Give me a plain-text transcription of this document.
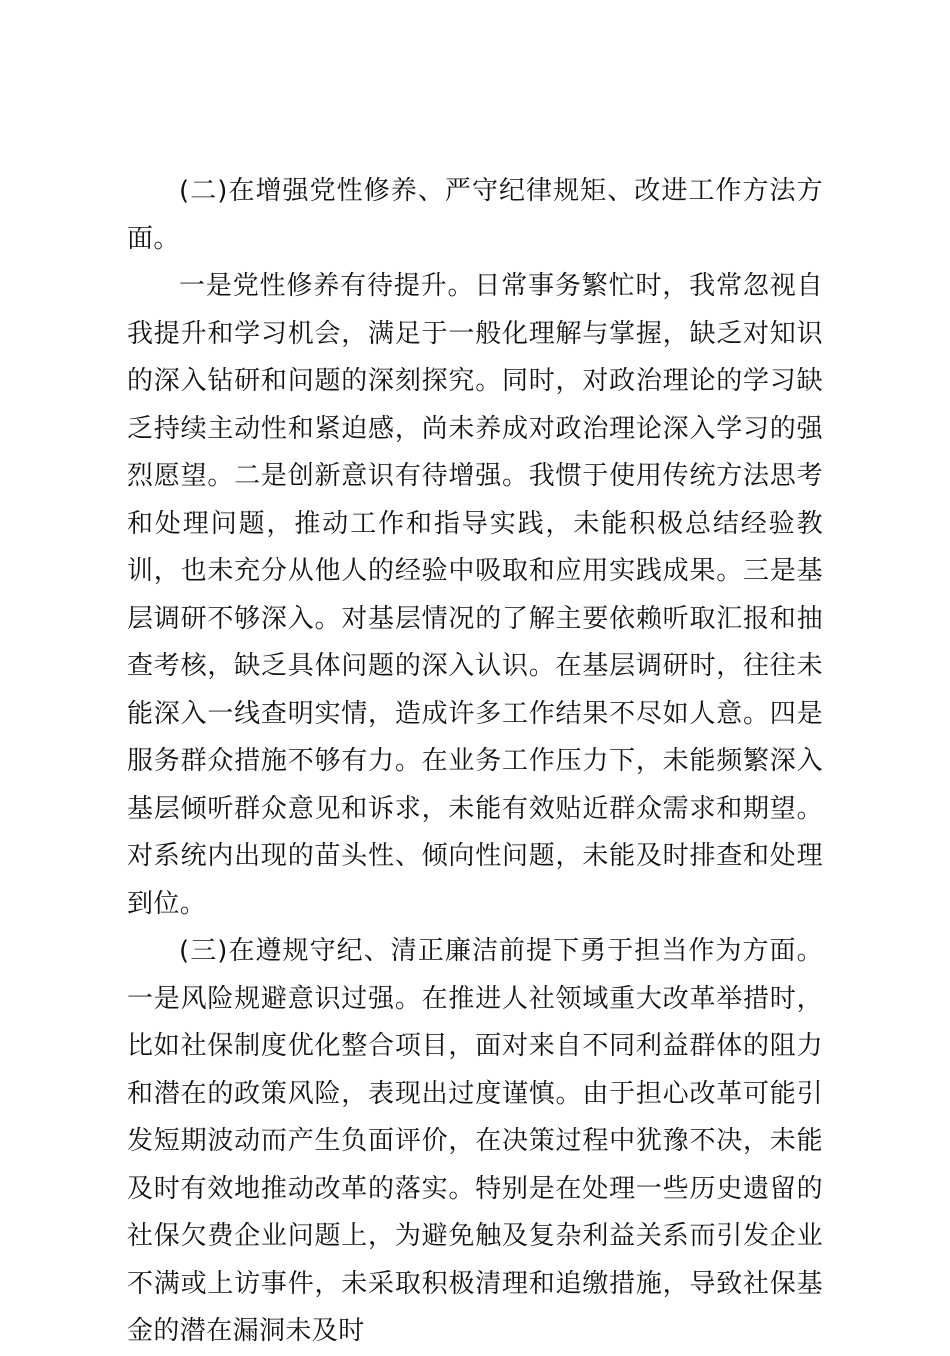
(二)在增强党性修养、严守纪律规矩、改进工作方法方面。

一是党性修养有待提升。日常事务繁忙时，我常忽视自我提升和学习机会，满足于一般化理解与掌握，缺乏对知识的深入钻研和问题的深刻探究。同时，对政治理论的学习缺乏持续主动性和紧迫感，尚未养成对政治理论深入学习的强烈愿望。二是创新意识有待增强。我惯于使用传统方法思考和处理问题，推动工作和指导实践，未能积极总结经验教训，也未充分从他人的经验中吸取和应用实践成果。三是基层调研不够深入。对基层情况的了解主要依赖听取汇报和抽查考核，缺乏具体问题的深入认识。在基层调研时，往往未能深入一线查明实情，造成许多工作结果不尽如人意。四是服务群众措施不够有力。在业务工作压力下，未能频繁深入基层倾听群众意见和诉求，未能有效贴近群众需求和期望。对系统内出现的苗头性、倾向性问题，未能及时排查和处理到位。

(三)在遵规守纪、清正廉洁前提下勇于担当作为方面。一是风险规避意识过强。在推进人社领域重大改革举措时，比如社保制度优化整合项目，面对来自不同利益群体的阻力和潜在的政策风险，表现出过度谨慎。由于担心改革可能引发短期波动而产生负面评价，在决策过程中犹豫不决，未能及时有效地推动改革的落实。特别是在处理一些历史遗留的社保欠费企业问题上，为避免触及复杂利益关系而引发企业不满或上访事件，未采取积极清理和追缴措施，导致社保基金的潜在漏洞未及时
